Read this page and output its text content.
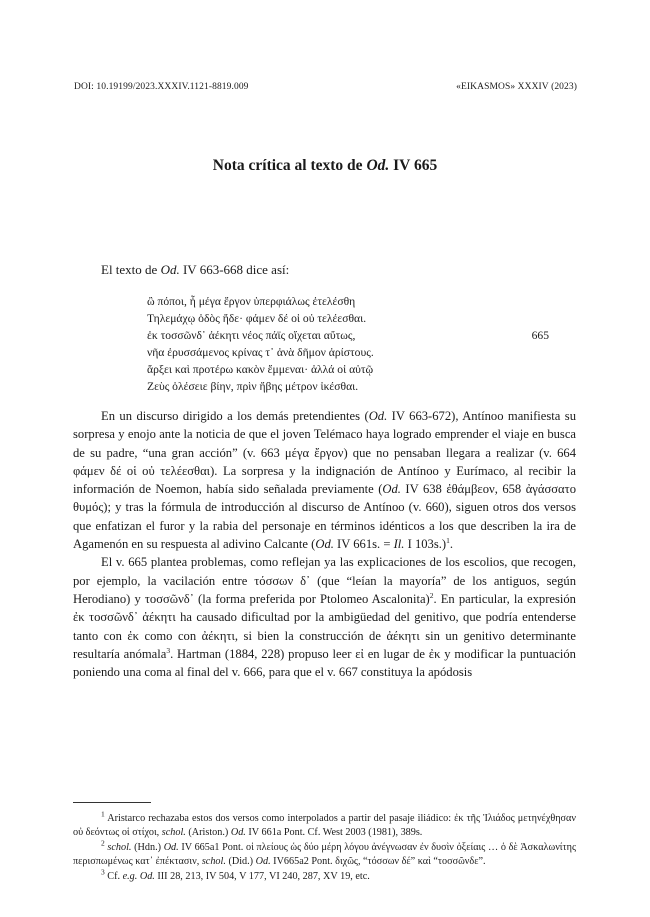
DOI: 10.19199/2023.XXXIV.1121-8819.009	«EIKASMOS» XXXIV (2023)
Nota crítica al texto de Od. IV 665
El texto de Od. IV 663-668 dice así:
ὢ πόποι, ἦ μέγα ἔργον ὑπερφιάλως ἐτελέσθη
Τηλεμάχῳ ὁδὸς ἥδε· φάμεν δέ οἱ οὐ τελέεσθαι.
ἐκ τοσσῶνδ᾽ ἀέκητι νέος πάϊς οἴχεται αὔτως,	665
νῆα ἐρυσσάμενος κρίνας τ᾽ ἀνὰ δῆμον ἀρίστους.
ἄρξει καὶ προτέρω κακὸν ἔμμεναι· ἀλλά οἱ αὐτῷ
Ζεὺς ὀλέσειε βίην, πρὶν ἥβης μέτρον ἱκέσθαι.

En un discurso dirigido a los demás pretendientes (Od. IV 663-672), Antínoo manifiesta su sorpresa y enojo ante la noticia de que el joven Telémaco haya logrado emprender el viaje en busca de su padre, “una gran acción” (v. 663 μέγα ἔργον) que no pensaban llegara a realizar (v. 664 φάμεν δέ οἱ οὐ τελέεσθαι). La sorpresa y la indignación de Antínoo y Eurímaco, al recibir la información de Noemon, había sido señalada previamente (Od. IV 638 ἐθάμβεον, 658 ἀγάσσατο θυμός); y tras la fórmula de introducción al discurso de Antínoo (v. 660), siguen otros dos versos que enfatizan el furor y la rabia del personaje en términos idénticos a los que describen la ira de Agamenón en su respuesta al adivino Calcante (Od. IV 661s. = Il. I 103s.)$^1$.

El v. 665 plantea problemas, como reflejan ya las explicaciones de los escolios, que recogen, por ejemplo, la vacilación entre τόσσων δ᾽ (que “leían la mayoría” de los antiguos, según Herodiano) y τοσσῶνδ᾽ (la forma preferida por Ptolomeo Ascalonita)$^2$. En particular, la expresión ἐκ τοσσῶνδ᾽ ἀέκητι ha causado dificultad por la ambigüedad del genitivo, que podría entenderse tanto con ἐκ como con ἀέκητι, si bien la construcción de ἀέκητι sin un genitivo determinante resultaría anómala$^3$. Hartman (1884, 228) propuso leer εἰ en lugar de ἐκ y modificar la puntuación poniendo una coma al final del v. 666, para que el v. 667 constituya la apódosis

$^1$ Aristarco rechazaba estos dos versos como interpolados a partir del pasaje iliádico: ἐκ τῆς Ἰλιάδος μετηνέχθησαν οὐ δεόντως οἱ στίχοι, schol. (Ariston.) Od. IV 661a Pont. Cf. West 2003 (1981), 389s.

$^2$ schol. (Hdn.) Od. IV 665a1 Pont. οἱ πλείους ὡς δύο μέρη λόγου ἀνέγνωσαν ἐν δυσὶν ὀξείαις … ὁ δὲ Ἀσκαλωνίτης περισπωμένως κατ᾽ ἐπέκτασιν, schol. (Did.) Od. IV665a2 Pont. διχῶς, “τόσσων δέ” καὶ “τοσσῶνδε”.

$^3$ Cf. e.g. Od. III 28, 213, IV 504, V 177, VI 240, 287, XV 19, etc.
